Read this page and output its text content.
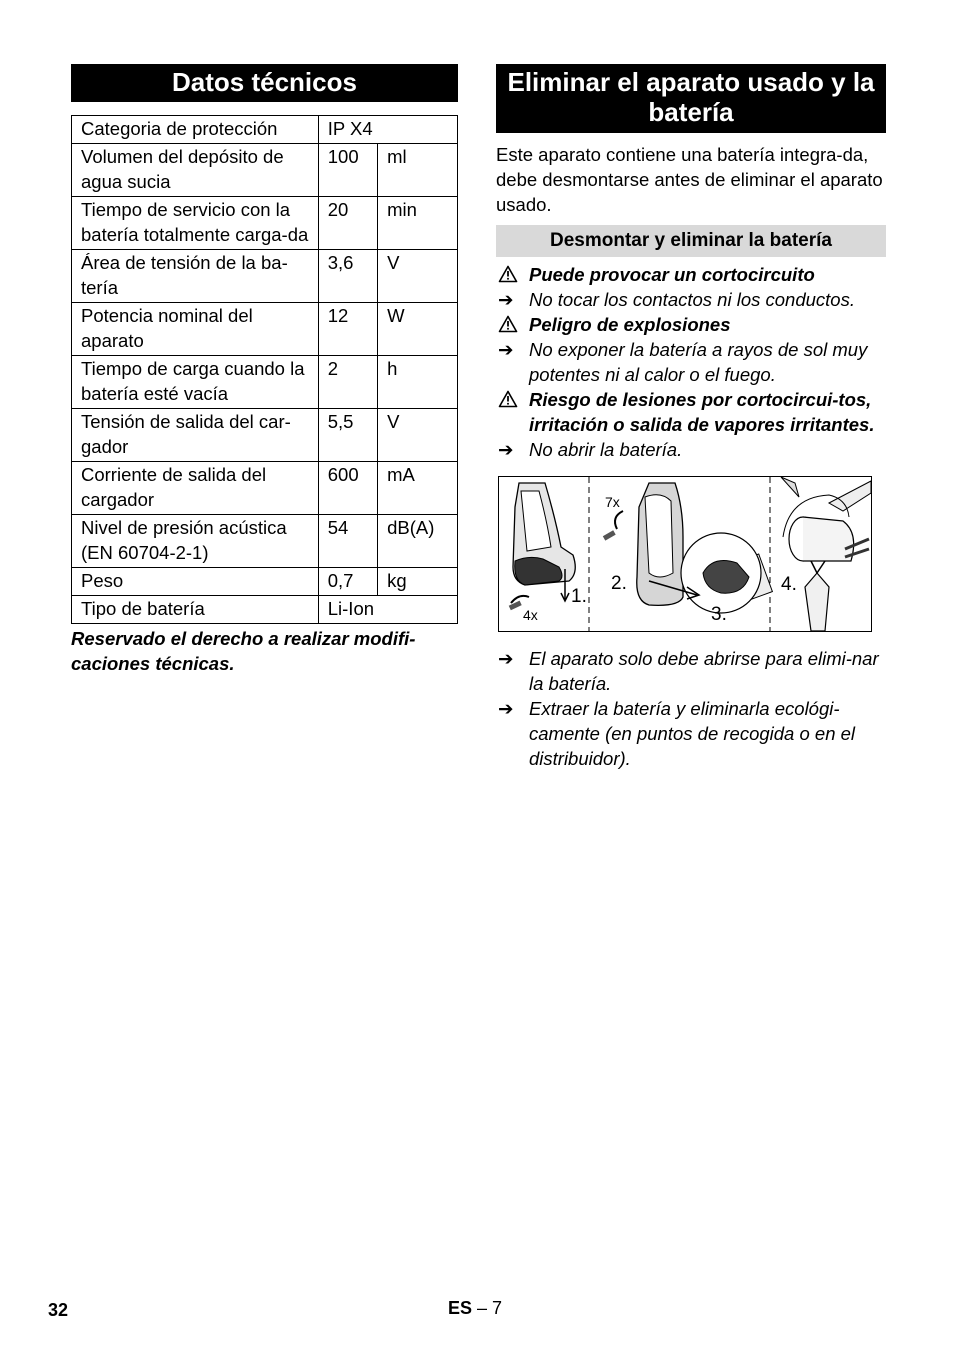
Datos técnicos
Categoria de protección	IP X4	
Volumen del depósito de agua sucia	100	ml
Tiempo de servicio con la batería totalmente carga-da	20	min
Área de tensión de la ba-tería	3,6	V
Potencia nominal del aparato	12	W
Tiempo de carga cuando la batería esté vacía	2	h
Tensión de salida del car-gador	5,5	V
Corriente de salida del cargador	600	mA
Nivel de presión acústica (EN 60704-2-1)	54	dB(A)
Peso	0,7	kg
Tipo de batería	Li-Ion	
Reservado el derecho a realizar modifi-caciones técnicas.
Eliminar el aparato usado y la batería
Este aparato contiene una batería integra-da, debe desmontarse antes de eliminar el aparato usado.
Desmontar y eliminar la batería
Puede provocar un cortocircuito
➔ No tocar los contactos ni los conductos.
Peligro de explosiones
➔ No exponer la batería a rayos de sol muy potentes ni al calor o el fuego.
Riesgo de lesiones por cortocircui-tos, irritación o salida de vapores irritantes.
➔ No abrir la batería.
7x
4x
1.
2.
3.
4.
➔ El aparato solo debe abrirse para elimi-nar la batería.
➔ Extraer la batería y eliminarla ecológi-camente (en puntos de recogida o en el distribuidor).
32	ES – 7
